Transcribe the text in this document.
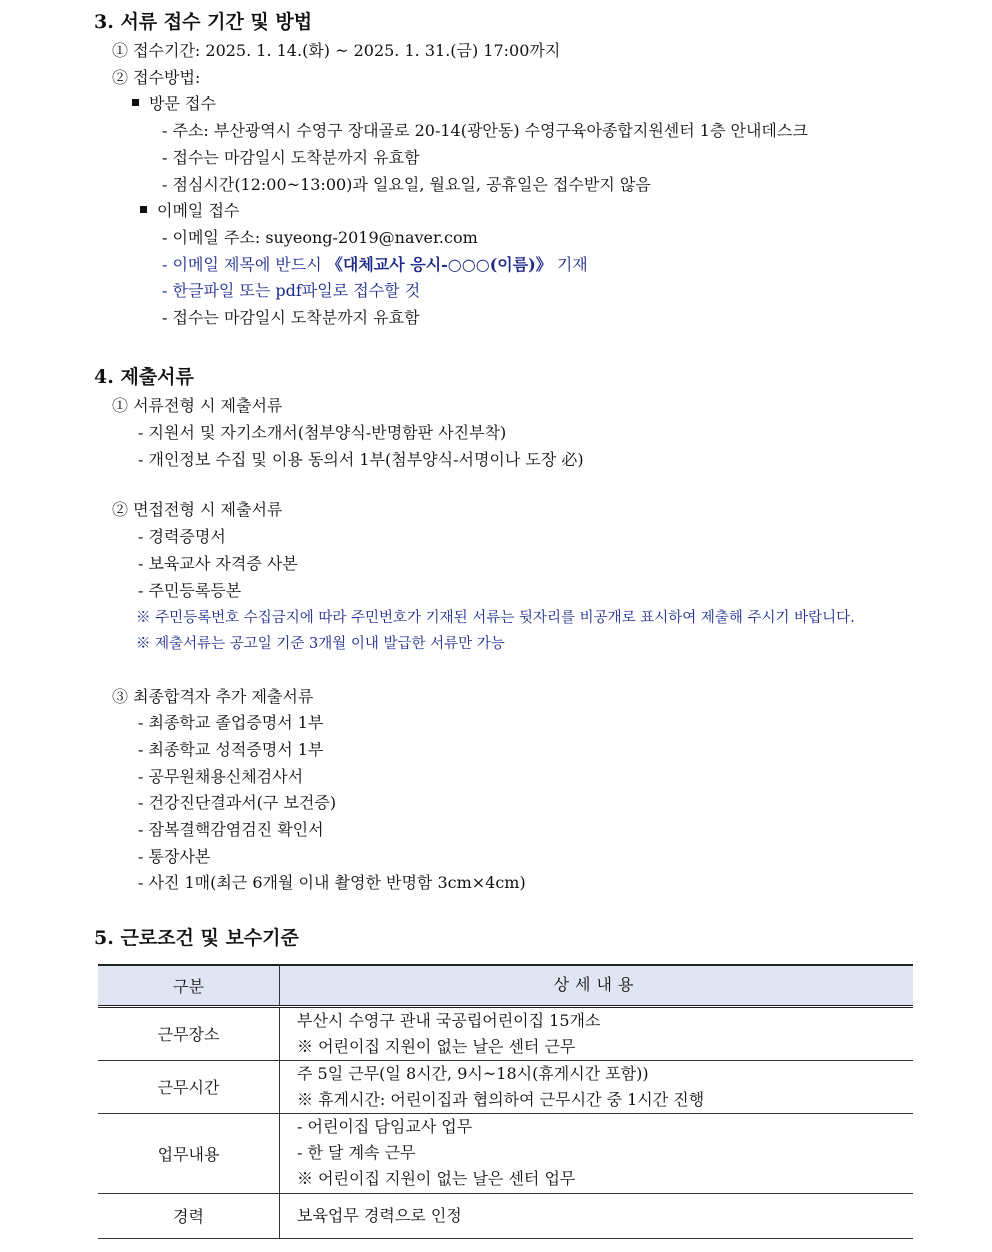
3. 서류 접수 기간 및 방법
① 접수기간: 2025. 1. 14.(화) ~ 2025. 1. 31.(금) 17:00까지
② 접수방법:
방문 접수
- 주소: 부산광역시 수영구 장대골로 20-14(광안동) 수영구육아종합지원센터 1층 안내데스크
- 접수는 마감일시 도착분까지 유효함
- 점심시간(12:00~13:00)과 일요일, 월요일, 공휴일은 접수받지 않음
이메일 접수
- 이메일 주소: suyeong-2019@naver.com
- 이메일 제목에 반드시 《대체교사 응시-○○○(이름)》 기재
- 한글파일 또는 pdf파일로 접수할 것
- 접수는 마감일시 도착분까지 유효함
4. 제출서류
① 서류전형 시 제출서류
- 지원서 및 자기소개서(첨부양식-반명함판 사진부착)
- 개인정보 수집 및 이용 동의서 1부(첨부양식-서명이나 도장 必)
② 면접전형 시 제출서류
- 경력증명서
- 보육교사 자격증 사본
- 주민등록등본
※ 주민등록번호 수집금지에 따라 주민번호가 기재된 서류는 뒷자리를 비공개로 표시하여 제출해 주시기 바랍니다.
※ 제출서류는 공고일 기준 3개월 이내 발급한 서류만 가능
③ 최종합격자 추가 제출서류
- 최종학교 졸업증명서 1부
- 최종학교 성적증명서 1부
- 공무원채용신체검사서
- 건강진단결과서(구 보건증)
- 잠복결핵감염검진 확인서
- 통장사본
- 사진 1매(최근 6개월 이내 촬영한 반명함 3cm×4cm)
5. 근로조건 및 보수기준
구분	상세내용
근무장소	부산시 수영구 관내 국공립어린이집 15개소
※ 어린이집 지원이 없는 날은 센터 근무

근무시간	주 5일 근무(일 8시간, 9시~18시(휴게시간 포함))
※ 휴게시간: 어린이집과 협의하여 근무시간 중 1시간 진행

업무내용	- 어린이집 담임교사 업무
- 한 달 계속 근무
※ 어린이집 지원이 없는 날은 센터 업무

경력	보육업무 경력으로 인정
